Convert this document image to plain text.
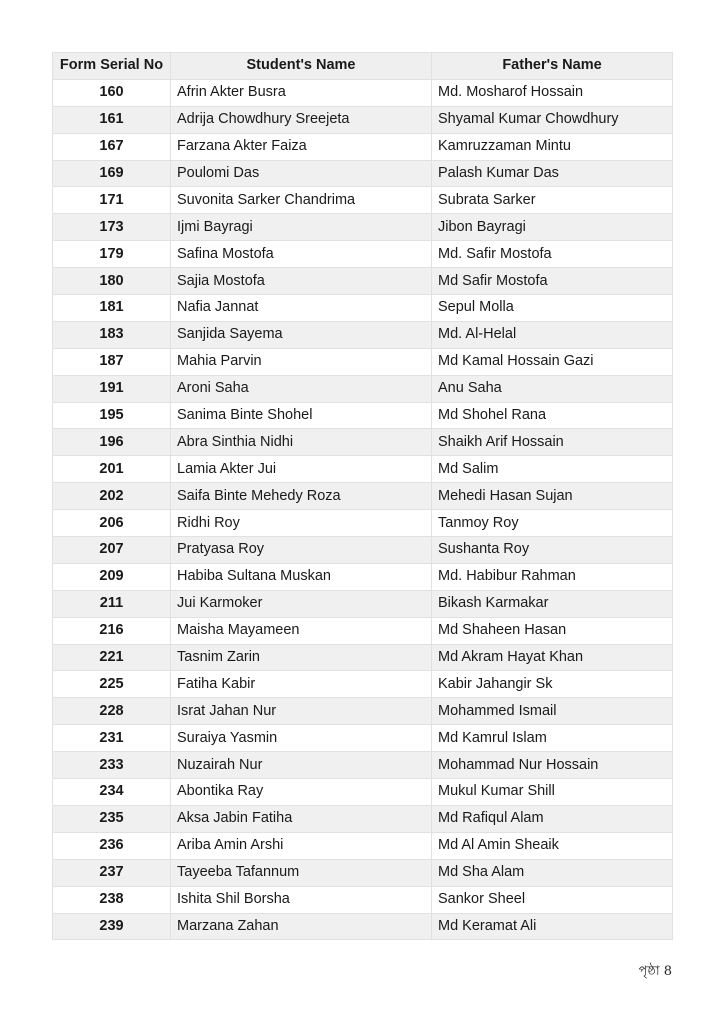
Form Serial No	Student's Name	Father's Name
160	Afrin Akter Busra	Md. Mosharof Hossain
161	Adrija Chowdhury Sreejeta	Shyamal Kumar Chowdhury
167	Farzana Akter Faiza	Kamruzzaman Mintu
169	Poulomi Das	Palash Kumar Das
171	Suvonita Sarker Chandrima	Subrata Sarker
173	Ijmi Bayragi	Jibon Bayragi
179	Safina Mostofa	Md. Safir Mostofa
180	Sajia Mostofa	Md Safir Mostofa
181	Nafia Jannat	Sepul Molla
183	Sanjida Sayema	Md. Al-Helal
187	Mahia Parvin	Md Kamal Hossain Gazi
191	Aroni Saha	Anu Saha
195	Sanima Binte Shohel	Md Shohel Rana
196	Abra Sinthia Nidhi	Shaikh Arif Hossain
201	Lamia Akter Jui	Md Salim
202	Saifa Binte Mehedy Roza	Mehedi Hasan Sujan
206	Ridhi Roy	Tanmoy Roy
207	Pratyasa Roy	Sushanta Roy
209	Habiba Sultana Muskan	Md. Habibur Rahman
211	Jui Karmoker	Bikash Karmakar
216	Maisha Mayameen	Md Shaheen Hasan
221	Tasnim Zarin	Md Akram Hayat Khan
225	Fatiha Kabir	Kabir Jahangir Sk
228	Israt Jahan Nur	Mohammed Ismail
231	Suraiya Yasmin	Md Kamrul Islam
233	Nuzairah Nur	Mohammad Nur Hossain
234	Abontika Ray	Mukul Kumar Shill
235	Aksa Jabin Fatiha	Md Rafiqul Alam
236	Ariba Amin Arshi	Md Al Amin Sheaik
237	Tayeeba Tafannum	Md Sha Alam
238	Ishita Shil Borsha	Sankor Sheel
239	Marzana Zahan	Md Keramat Ali
পৃষ্ঠা 8
